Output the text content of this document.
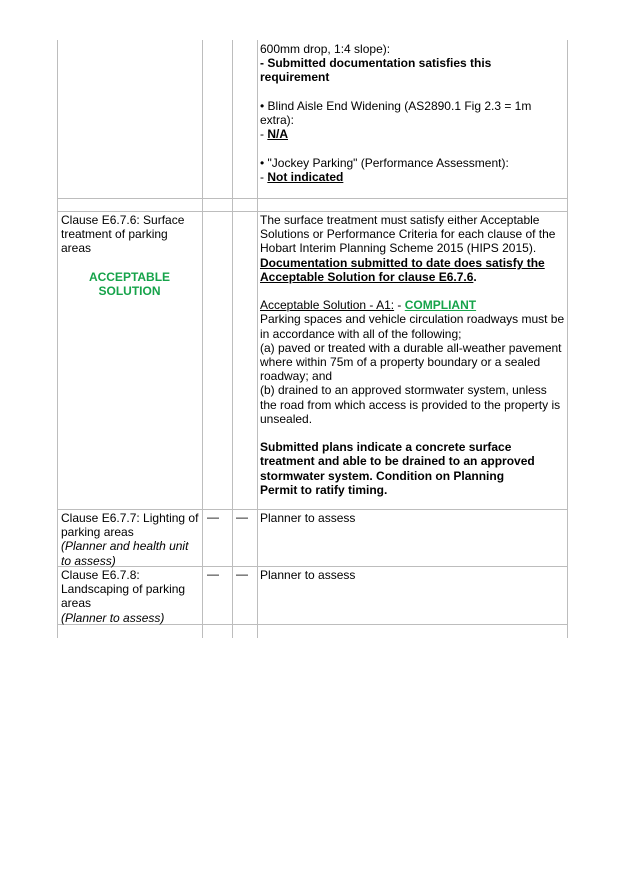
600mm drop, 1:4 slope):
- Submitted documentation satisfies this requirement
• Blind Aisle End Widening (AS2890.1 Fig 2.3 = 1m extra):
- N/A
• "Jockey Parking" (Performance Assessment):
- Not indicated
Clause E6.7.6: Surface treatment of parking areas
ACCEPTABLE SOLUTION
The surface treatment must satisfy either Acceptable Solutions or Performance Criteria for each clause of the Hobart Interim Planning Scheme 2015 (HIPS 2015).
Documentation submitted to date does satisfy the Acceptable Solution for clause E6.7.6.
Acceptable Solution - A1: - COMPLIANT
Parking spaces and vehicle circulation roadways must be in accordance with all of the following;
(a) paved or treated with a durable all-weather pavement where within 75m of a property boundary or a sealed roadway; and
(b) drained to an approved stormwater system, unless the road from which access is provided to the property is unsealed.
Submitted plans indicate a concrete surface treatment and able to be drained to an approved stormwater system. Condition on Planning Permit to ratify timing.
Clause E6.7.7: Lighting of parking areas
(Planner and health unit to assess)
— — Planner to assess
Clause E6.7.8: Landscaping of parking areas
(Planner to assess)
— — Planner to assess
